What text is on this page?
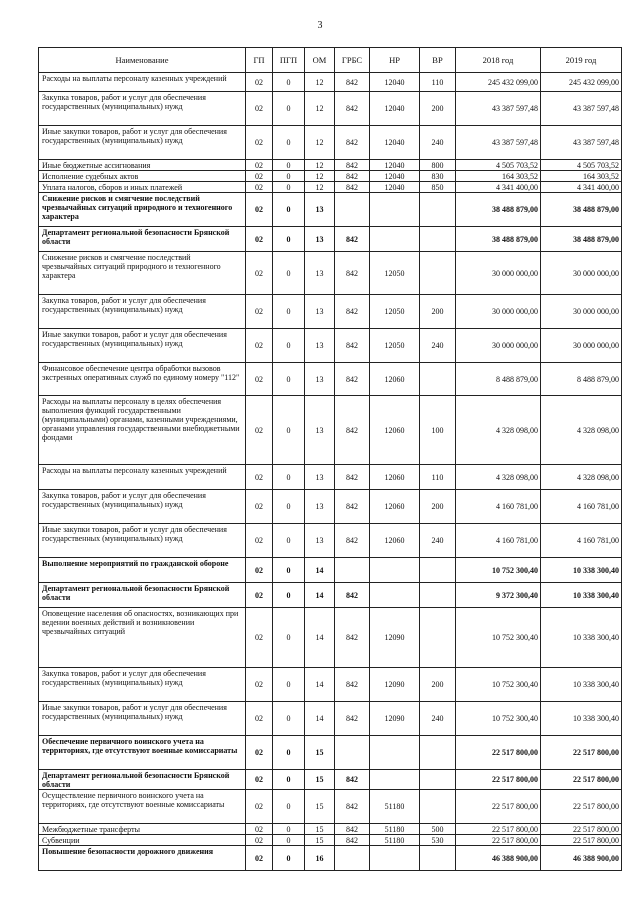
3
Наименование	ГП	ПГП	ОМ	ГРБС	НР	ВР	2018 год	2019 год
Расходы на выплаты персоналу казенных учреждений	02	0	12	842	12040	110	245 432 099,00	245 432 099,00
Закупка товаров, работ и услуг для обеспечения государственных (муниципальных) нужд	02	0	12	842	12040	200	43 387 597,48	43 387 597,48
Иные закупки товаров, работ и услуг для обеспечения государственных (муниципальных) нужд	02	0	12	842	12040	240	43 387 597,48	43 387 597,48
Иные бюджетные ассигнования	02	0	12	842	12040	800	4 505 703,52	4 505 703,52
Исполнение судебных актов	02	0	12	842	12040	830	164 303,52	164 303,52
Уплата налогов, сборов и иных платежей	02	0	12	842	12040	850	4 341 400,00	4 341 400,00
Снижение рисков и смягчение последствий чрезвычайных ситуаций природного и техногенного характера	02	0	13				38 488 879,00	38 488 879,00
Департамент региональной безопасности Брянской области	02	0	13	842			38 488 879,00	38 488 879,00
Снижение рисков и смягчение последствий чрезвычайных ситуаций природного и техногенного характера	02	0	13	842	12050		30 000 000,00	30 000 000,00
Закупка товаров, работ и услуг для обеспечения государственных (муниципальных) нужд	02	0	13	842	12050	200	30 000 000,00	30 000 000,00
Иные закупки товаров, работ и услуг для обеспечения государственных (муниципальных) нужд	02	0	13	842	12050	240	30 000 000,00	30 000 000,00
Финансовое обеспечение центра обработки вызовов экстренных оперативных служб по единому номеру "112"	02	0	13	842	12060		8 488 879,00	8 488 879,00
Расходы на выплаты персоналу в целях обеспечения выполнения функций государственными (муниципальными) органами, казенными учреждениями, органами управления государственными внебюджетными фондами	02	0	13	842	12060	100	4 328 098,00	4 328 098,00
Расходы на выплаты персоналу казенных учреждений	02	0	13	842	12060	110	4 328 098,00	4 328 098,00
Закупка товаров, работ и услуг для обеспечения государственных (муниципальных) нужд	02	0	13	842	12060	200	4 160 781,00	4 160 781,00
Иные закупки товаров, работ и услуг для обеспечения государственных (муниципальных) нужд	02	0	13	842	12060	240	4 160 781,00	4 160 781,00
Выполнение мероприятий по гражданской обороне	02	0	14				10 752 300,40	10 338 300,40
Департамент региональной безопасности Брянской области	02	0	14	842			9 372 300,40	10 338 300,40
Оповещение населения об опасностях, возникающих при ведении военных действий и возникновении чрезвычайных ситуаций	02	0	14	842	12090		10 752 300,40	10 338 300,40
Закупка товаров, работ и услуг для обеспечения государственных (муниципальных) нужд	02	0	14	842	12090	200	10 752 300,40	10 338 300,40
Иные закупки товаров, работ и услуг для обеспечения государственных (муниципальных) нужд	02	0	14	842	12090	240	10 752 300,40	10 338 300,40
Обеспечение первичного воинского учета на территориях, где отсутствуют военные комиссариаты	02	0	15				22 517 800,00	22 517 800,00
Департамент региональной безопасности Брянской области	02	0	15	842			22 517 800,00	22 517 800,00
Осуществление первичного воинского учета на территориях, где отсутствуют военные комиссариаты	02	0	15	842	51180		22 517 800,00	22 517 800,00
Межбюджетные трансферты	02	0	15	842	51180	500	22 517 800,00	22 517 800,00
Субвенции	02	0	15	842	51180	530	22 517 800,00	22 517 800,00
Повышение безопасности дорожного движения	02	0	16				46 388 900,00	46 388 900,00
